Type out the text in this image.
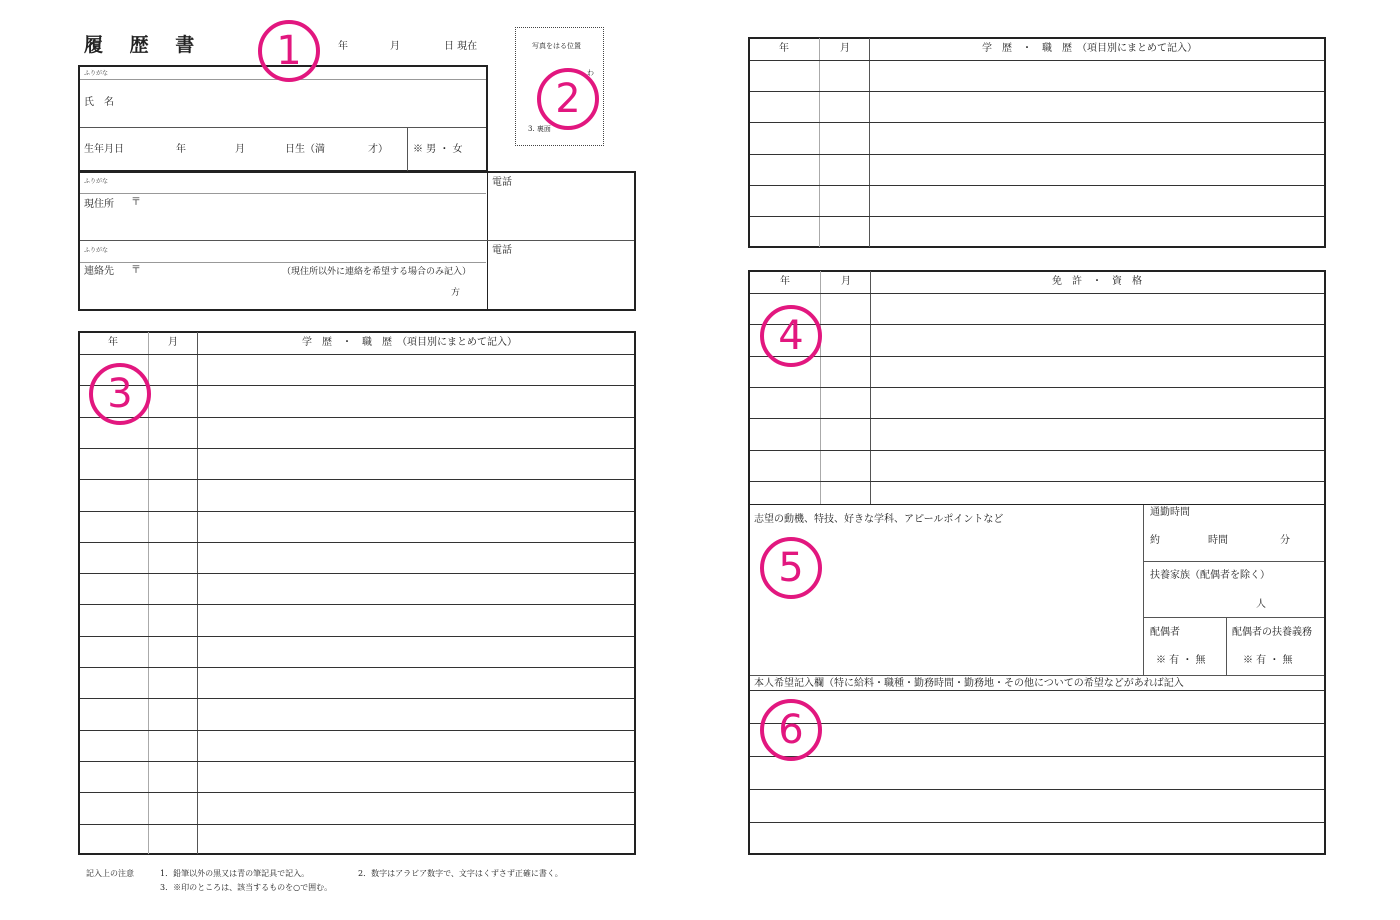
履 歴 書	年	月	日 現在	写真をはる位置
わ
3. 裏面
ふりがな
氏　名
生年月日	年	月	日生（満	才）	※ 男 ・ 女
ふりがな
現住所 〒
電話
ふりがな
連絡先 〒	（現住所以外に連絡を希望する場合のみ記入）
方
電話
年	月	学　歴　・　職　歴　（項目別にまとめて記入）
記入上の注意	1．鉛筆以外の黒又は青の筆記具で記入。	2．数字はアラビア数字で、文字はくずさず正確に書く。
3．※印のところは、該当するものを○で囲む。
年	月	学　歴　・　職　歴　（項目別にまとめて記入）
年	月	免　許　・　資　格
志望の動機、特技、好きな学科、アピールポイントなど
通勤時間
約	時間	分
扶養家族（配偶者を除く）
人
配偶者
※ 有 ・ 無
配偶者の扶養義務
※ 有 ・ 無
本人希望記入欄（特に給料・職種・勤務時間・勤務地・その他についての希望などがあれば記入
1
2
3
4
5
6
